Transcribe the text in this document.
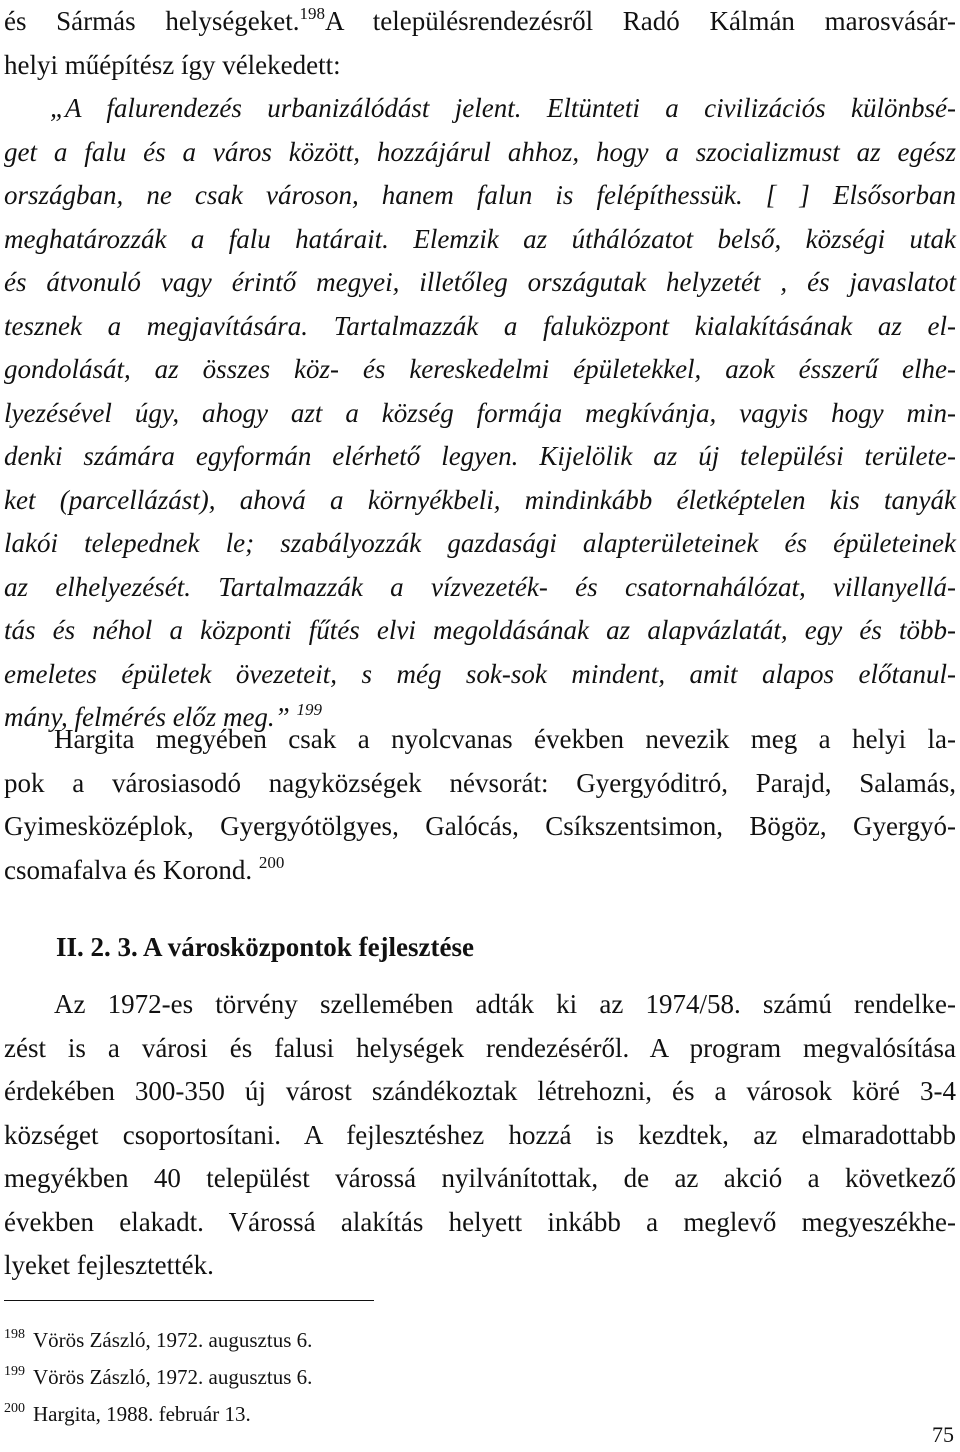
és Sármás helységeket.$^{198}$A településrendezésről Radó Kálmán marosvásár-
helyi műépítész így vélekedett:
„A falurendezés urbanizálódást jelent. Eltünteti a civilizációs különbsé-
get a falu és a város között, hozzájárul ahhoz, hogy a szocializmust az egész
országban, ne csak városon, hanem falun is felépíthessük. [ ] Elsősorban
meghatározzák a falu határait. Elemzik az úthálózatot belső, községi utak
és átvonuló vagy érintő megyei, illetőleg országutak helyzetét , és javaslatot
tesznek a megjavítására. Tartalmazzák a faluközpont kialakításának az el-
gondolását, az összes köz- és kereskedelmi épületekkel, azok ésszerű elhe-
lyezésével úgy, ahogy azt a község formája megkívánja, vagyis hogy min-
denki számára egyformán elérhető legyen. Kijelölik az új települési területe-
ket (parcellázást), ahová a környékbeli, mindinkább életképtelen kis tanyák
lakói telepednek le; szabályozzák gazdasági alapterületeinek és épületeinek
az elhelyezését. Tartalmazzák a vízvezeték- és csatornahálózat, villanyellá-
tás és néhol a központi fűtés elvi megoldásának az alapvázlatát, egy és több-
emeletes épületek övezeteit, s még sok-sok mindent, amit alapos előtanul-
mány, felmérés előz meg.” $^{199}$
Hargita megyében csak a nyolcvanas években nevezik meg a helyi la-
pok a városiasodó nagyközségek névsorát: Gyergyóditró, Parajd, Salamás,
Gyimesközéplok, Gyergyótölgyes, Galócás, Csíkszentsimon, Bögöz, Gyergyó-
csomafalva és Korond. $^{200}$
II. 2. 3. A városközpontok fejlesztése
Az 1972-es törvény szellemében adták ki az 1974/58. számú rendelke-
zést is a városi és falusi helységek rendezéséről. A program megvalósítása
érdekében 300-350 új várost szándékoztak létrehozni, és a városok köré 3-4
községet csoportosítani. A fejlesztéshez hozzá is kezdtek, az elmaradottabb
megyékben 40 települést várossá nyilvánítottak, de az akció a következő
években elakadt. Várossá alakítás helyett inkább a meglevő megyeszékhe-
lyeket fejlesztették.
$^{198}$ Vörös Zászló, 1972. augusztus 6.
$^{199}$ Vörös Zászló, 1972. augusztus 6.
$^{200}$ Hargita, 1988. február 13.
75
